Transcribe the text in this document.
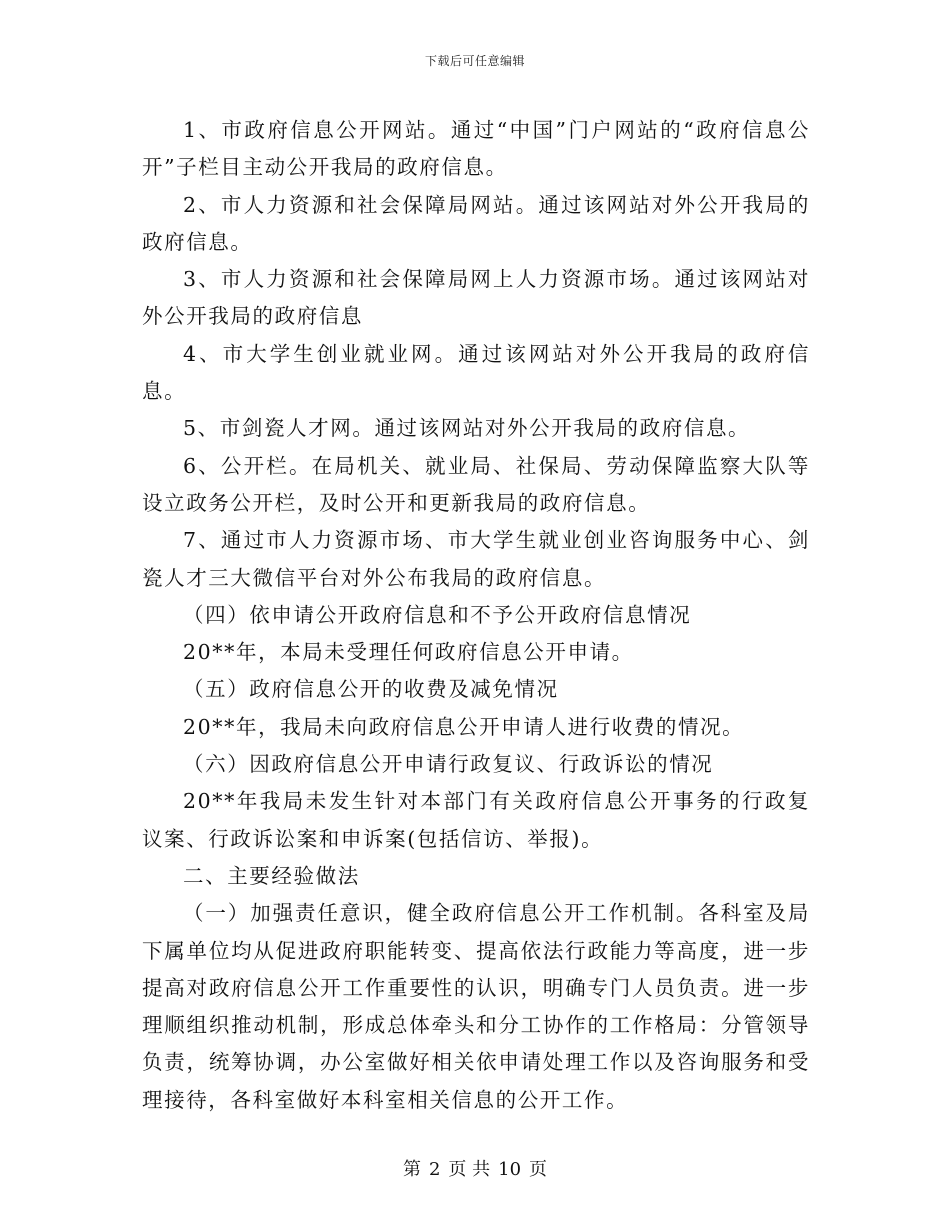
下载后可任意编辑

1、市政府信息公开网站。通过“中国”门户网站的“政府信息公开”子栏目主动公开我局的政府信息。

2、市人力资源和社会保障局网站。通过该网站对外公开我局的政府信息。

3、市人力资源和社会保障局网上人力资源市场。通过该网站对外公开我局的政府信息

4、市大学生创业就业网。通过该网站对外公开我局的政府信息。

5、市剑瓷人才网。通过该网站对外公开我局的政府信息。

6、公开栏。在局机关、就业局、社保局、劳动保障监察大队等设立政务公开栏，及时公开和更新我局的政府信息。

7、通过市人力资源市场、市大学生就业创业咨询服务中心、剑瓷人才三大微信平台对外公布我局的政府信息。

（四）依申请公开政府信息和不予公开政府信息情况

20**年，本局未受理任何政府信息公开申请。

（五）政府信息公开的收费及减免情况

20**年，我局未向政府信息公开申请人进行收费的情况。

（六）因政府信息公开申请行政复议、行政诉讼的情况

20**年我局未发生针对本部门有关政府信息公开事务的行政复议案、行政诉讼案和申诉案(包括信访、举报)。

二、主要经验做法

（一）加强责任意识，健全政府信息公开工作机制。各科室及局下属单位均从促进政府职能转变、提高依法行政能力等高度，进一步提高对政府信息公开工作重要性的认识，明确专门人员负责。进一步理顺组织推动机制，形成总体牵头和分工协作的工作格局：分管领导负责，统筹协调，办公室做好相关依申请处理工作以及咨询服务和受理接待，各科室做好本科室相关信息的公开工作。

第 2 页 共 10 页
